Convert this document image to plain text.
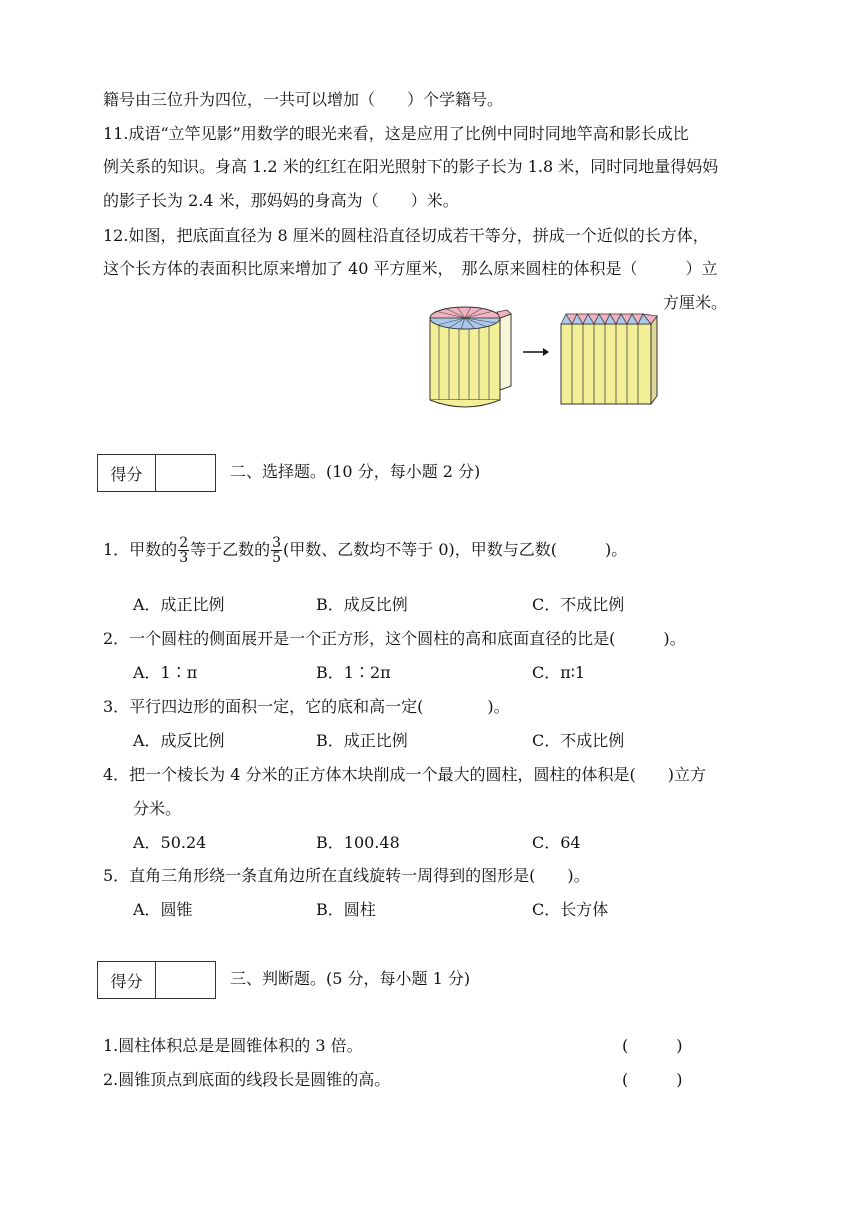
籍号由三位升为四位，一共可以增加（　　）个学籍号。
11.成语“立竿见影”用数学的眼光来看，这是应用了比例中同时同地竿高和影长成比
例关系的知识。身高 1.2 米的红红在阳光照射下的影子长为 1.8 米，同时同地量得妈妈
的影子长为 2.4 米，那妈妈的身高为（　　）米。
12.如图，把底面直径为 8 厘米的圆柱沿直径切成若干等分，拼成一个近似的长方体，
这个长方体的表面积比原来增加了 40 平方厘米，　那么原来圆柱的体积是（　　　）立
方厘米。
得分	二、选择题。(10 分，每小题 2 分)
1．甲数的 $\frac{2}{3}$ 等于乙数的 $\frac{3}{5}$ (甲数、乙数均不等于 0)，甲数与乙数(　　　)。
A．成正比例	B．成反比例	C．不成比例
2．一个圆柱的侧面展开是一个正方形，这个圆柱的高和底面直径的比是(　　　)。
A．1∶π	B．1∶2π	C．π∶1
3．平行四边形的面积一定，它的底和高一定(　　　　)。
A．成反比例	B．成正比例	C．不成比例
4．把一个棱长为 4 分米的正方体木块削成一个最大的圆柱，圆柱的体积是(　　)立方
分米。
A．50.24	B．100.48	C．64
5．直角三角形绕一条直角边所在直线旋转一周得到的图形是(　　)。
A．圆锥	B．圆柱	C．长方体
得分	三、判断题。(5 分，每小题 1 分)
1.圆柱体积总是是圆锥体积的 3 倍。	(　　　)
2.圆锥顶点到底面的线段长是圆锥的高。	(　　　)
